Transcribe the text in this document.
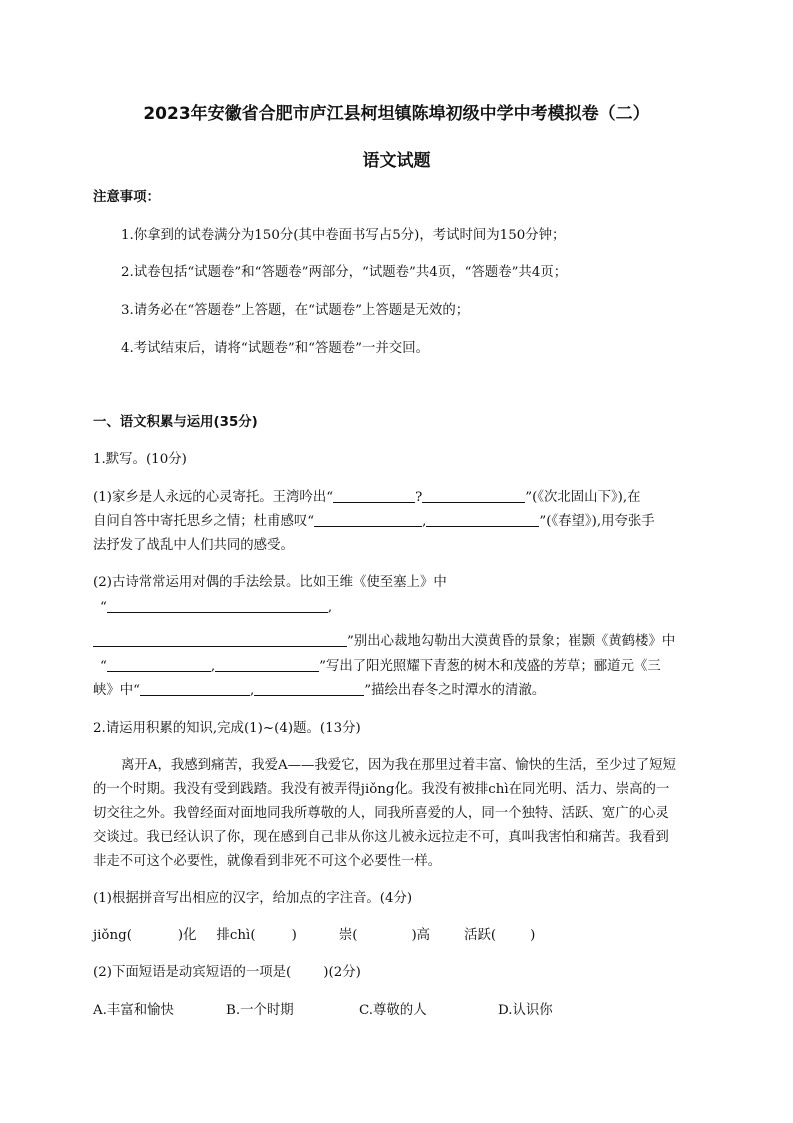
2023年安徽省合肥市庐江县柯坦镇陈埠初级中学中考模拟卷（二）
语文试题
注意事项：
1.你拿到的试卷满分为150分(其中卷面书写占5分)，考试时间为150分钟；
2.试卷包括“试题卷”和“答题卷”两部分，“试题卷”共4页，“答题卷”共4页；
3.请务必在“答题卷”上答题，在“试题卷”上答题是无效的；
4.考试结束后，请将“试题卷”和“答题卷”一并交回。
一、语文积累与运用(35分)
1.默写。(10分)
(1)家乡是人永远的心灵寄托。王湾吟出“	?	”(《次北固山下》),在
自问自答中寄托思乡之情；杜甫感叹“	,	”(《春望》),用夸张手
法抒发了战乱中人们共同的感受。
(2)古诗常常运用对偶的手法绘景。比如王维《使至塞上》中
“	,
”别出心裁地勾勒出大漠黄昏的景象；崔颢《黄鹤楼》中
“	,	”写出了阳光照耀下青葱的树木和茂盛的芳草；郦道元《三
峡》中“	,	”描绘出春冬之时潭水的清澈。
2.请运用积累的知识,完成(1)~(4)题。(13分)
离开A，我感到痛苦，我爱A——我爱它，因为我在那里过着丰富、愉快的生活，至少过了短短
的一个时期。我没有受到践踏。我没有被弄得jiǒng化。我没有被排chì在同光明、活力、崇高的一
切交往之外。我曾经面对面地同我所尊敬的人，同我所喜爱的人，同一个独特、活跃、宽广的心灵
交谈过。我已经认识了你，现在感到自己非从你这儿被永远拉走不可，真叫我害怕和痛苦。我看到
非走不可这个必要性，就像看到非死不可这个必要性一样。
(1)根据拼音写出相应的汉字，给加点的字注音。(4分)
jiǒng(	)化 排chì(	)	崇(	)高	活跃(	)
(2)下面短语是动宾短语的一项是( )(2分)
A.丰富和愉快	B.一个时期	C.尊敬的人	D.认识你
